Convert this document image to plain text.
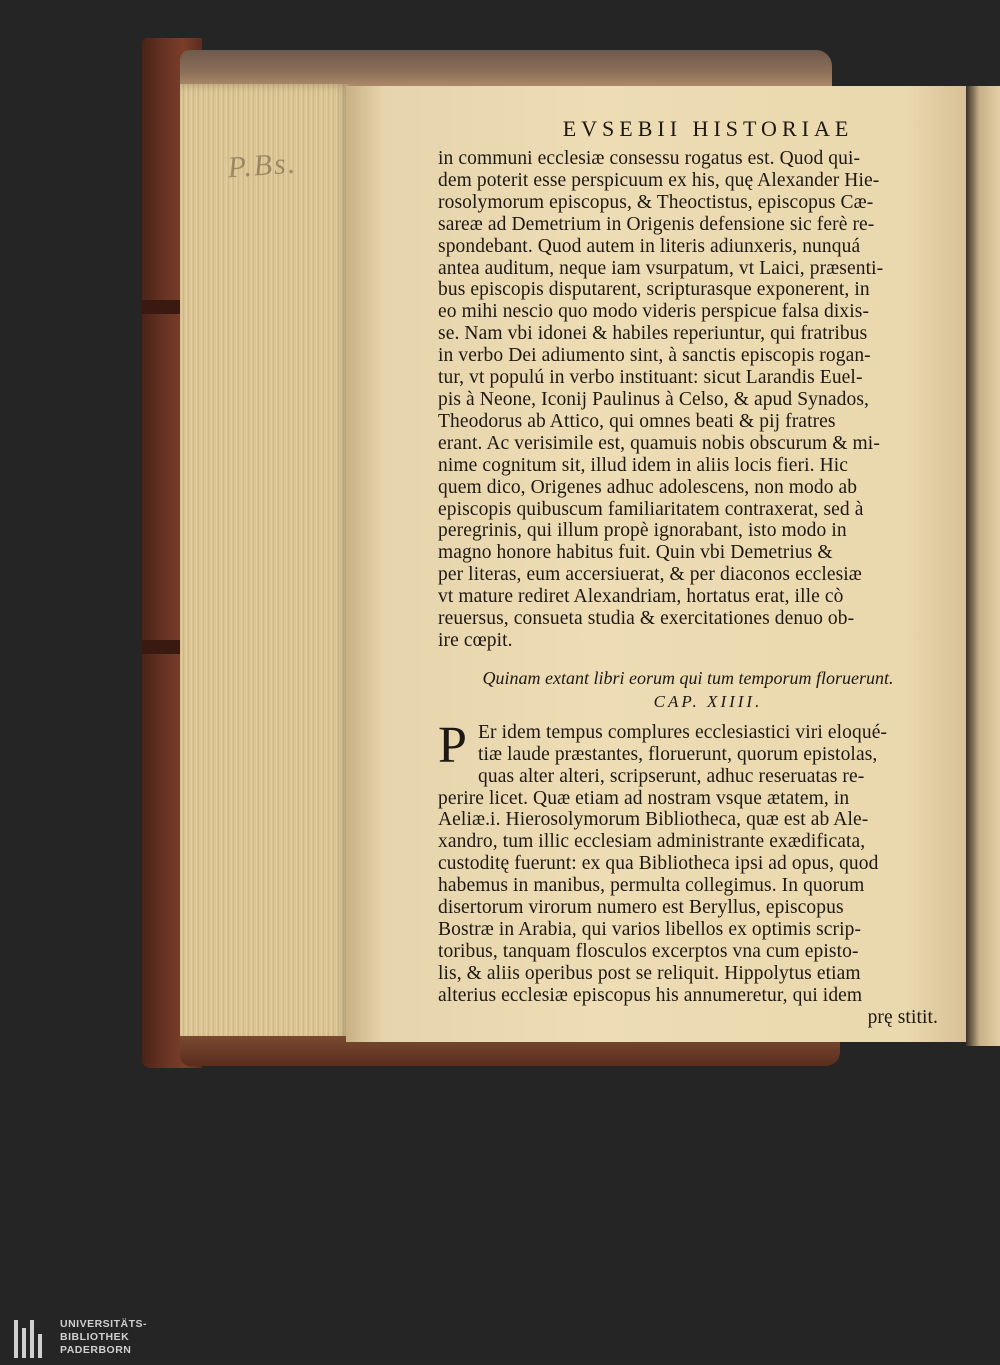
P.Bs.
EVSEBII HISTORIAE
in communi ecclesiæ consessu rogatus est. Quod qui-
dem poterit esse perspicuum ex his, quę Alexander Hie-
rosolymorum episcopus, & Theoctistus, episcopus Cæ-
sareæ ad Demetrium in Origenis defensione sic ferè re-
spondebant. Quod autem in literis adiunxeris, nunquá
antea auditum, neque iam vsurpatum, vt Laici, præsenti-
bus episcopis disputarent, scripturasque exponerent, in
eo mihi nescio quo modo videris perspicue falsa dixis-
se. Nam vbi idonei & habiles reperiuntur, qui fratribus
in verbo Dei adiumento sint, à sanctis episcopis rogan-
tur, vt populú in verbo instituant: sicut Larandis Euel-
pis à Neone, Iconij Paulinus à Celso, & apud Synados,
Theodorus ab Attico, qui omnes beati & pij fratres
erant. Ac verisimile est, quamuis nobis obscurum & mi-
nime cognitum sit, illud idem in aliis locis fieri. Hic
quem dico, Origenes adhuc adolescens, non modo ab
episcopis quibuscum familiaritatem contraxerat, sed à
peregrinis, qui illum propè ignorabant, isto modo in
magno honore habitus fuit. Quin vbi Demetrius &
per literas, eum accersiuerat, & per diaconos ecclesiæ
vt mature rediret Alexandriam, hortatus erat, ille cò
reuersus, consueta studia & exercitationes denuo ob-
ire cœpit.
Quinam extant libri eorum qui tum temporum floruerunt.
CAP. XIIII.
P Er idem tempus complures ecclesiastici viri eloqué-
tiæ laude præstantes, floruerunt, quorum epistolas,
quas alter alteri, scripserunt, adhuc reseruatas re-
perire licet. Quæ etiam ad nostram vsque ætatem, in
Aeliæ.i. Hierosolymorum Bibliotheca, quæ est ab Ale-
xandro, tum illic ecclesiam administrante exædificata,
custoditę fuerunt: ex qua Bibliotheca ipsi ad opus, quod
habemus in manibus, permulta collegimus. In quorum
disertorum virorum numero est Beryllus, episcopus
Bostræ in Arabia, qui varios libellos ex optimis scrip-
toribus, tanquam flosculos excerptos vna cum episto-
lis, & aliis operibus post se reliquit. Hippolytus etiam
alterius ecclesiæ episcopus his annumeretur, qui idem
prę stitit.
UNIVERSITÄTS-
BIBLIOTHEK
PADERBORN
